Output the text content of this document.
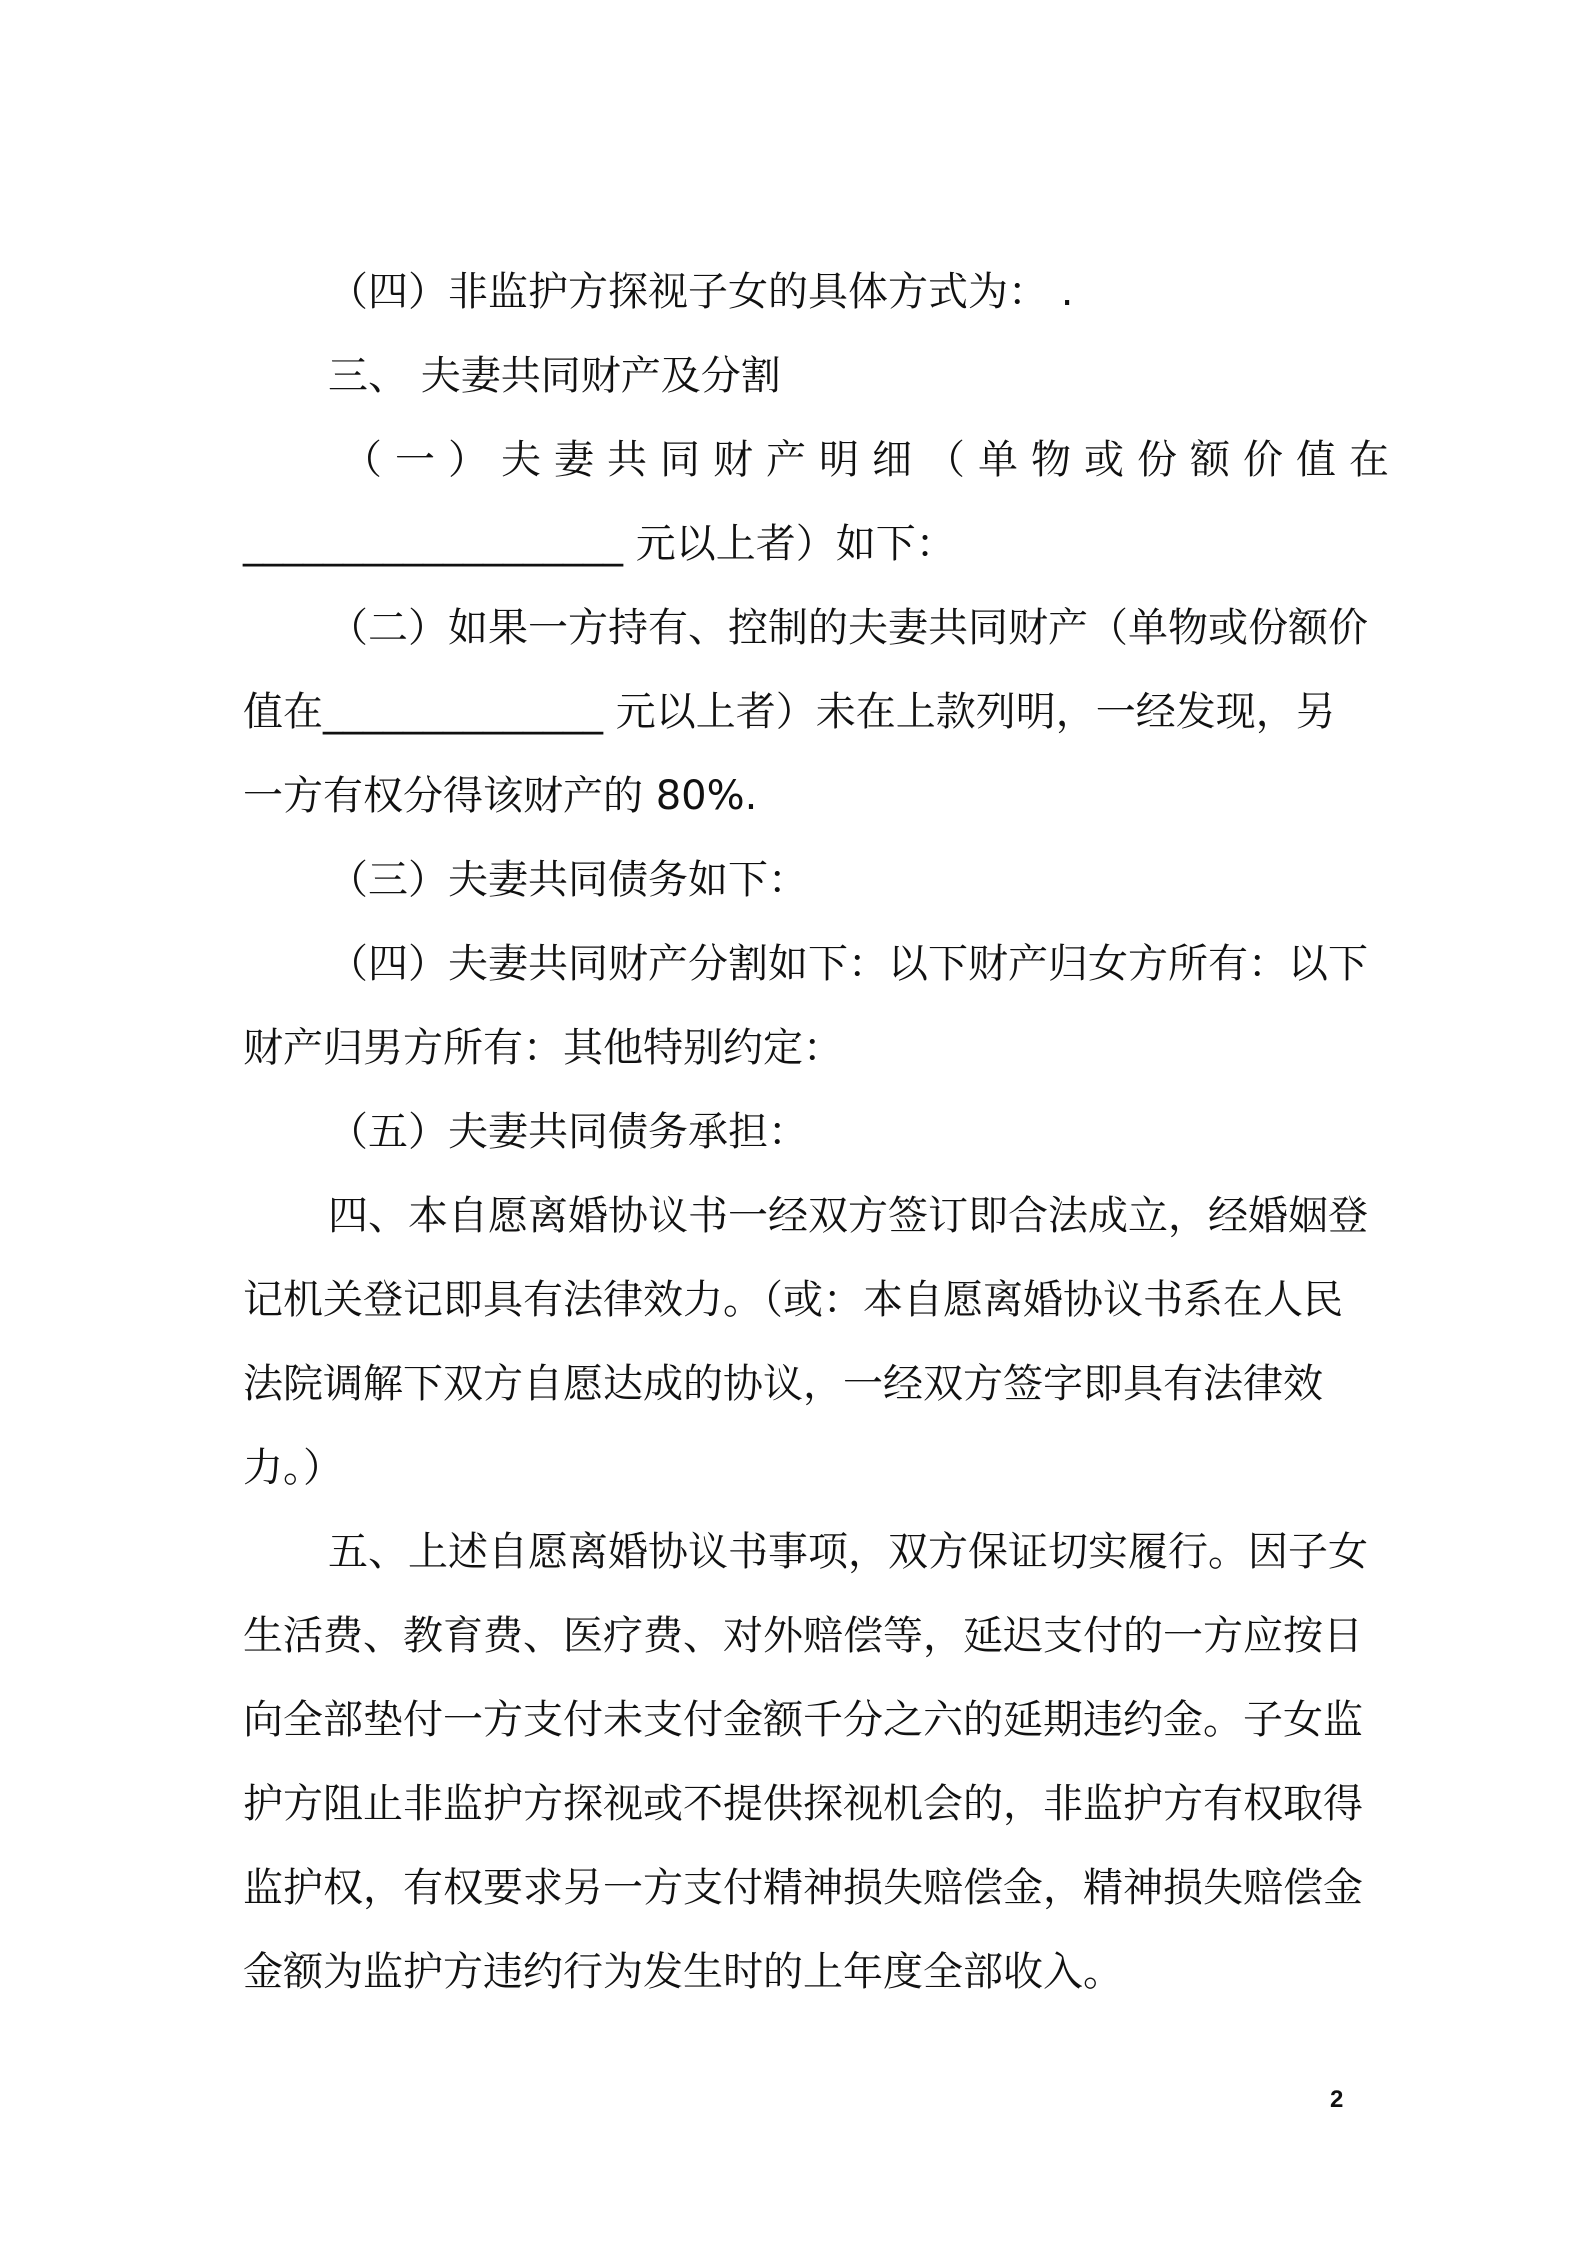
（四）非监护方探视子女的具体方式为： .
三、 夫妻共同财产及分割
（一）夫妻共同财产明细（单物或份额价值在
___________________ 元以上者）如下：
（二）如果一方持有、控制的夫妻共同财产（单物或份额价
值在______________ 元以上者）未在上款列明，一经发现，另
一方有权分得该财产的 80%.
（三）夫妻共同债务如下：
（四）夫妻共同财产分割如下：以下财产归女方所有：以下
财产归男方所有：其他特别约定：
（五）夫妻共同债务承担：
四、本自愿离婚协议书一经双方签订即合法成立，经婚姻登
记机关登记即具有法律效力。（或：本自愿离婚协议书系在人民
法院调解下双方自愿达成的协议，一经双方签字即具有法律效
力。）
五、上述自愿离婚协议书事项，双方保证切实履行。因子女
生活费、教育费、医疗费、对外赔偿等，延迟支付的一方应按日
向全部垫付一方支付未支付金额千分之六的延期违约金。子女监
护方阻止非监护方探视或不提供探视机会的，非监护方有权取得
监护权，有权要求另一方支付精神损失赔偿金，精神损失赔偿金
金额为监护方违约行为发生时的上年度全部收入。
2
